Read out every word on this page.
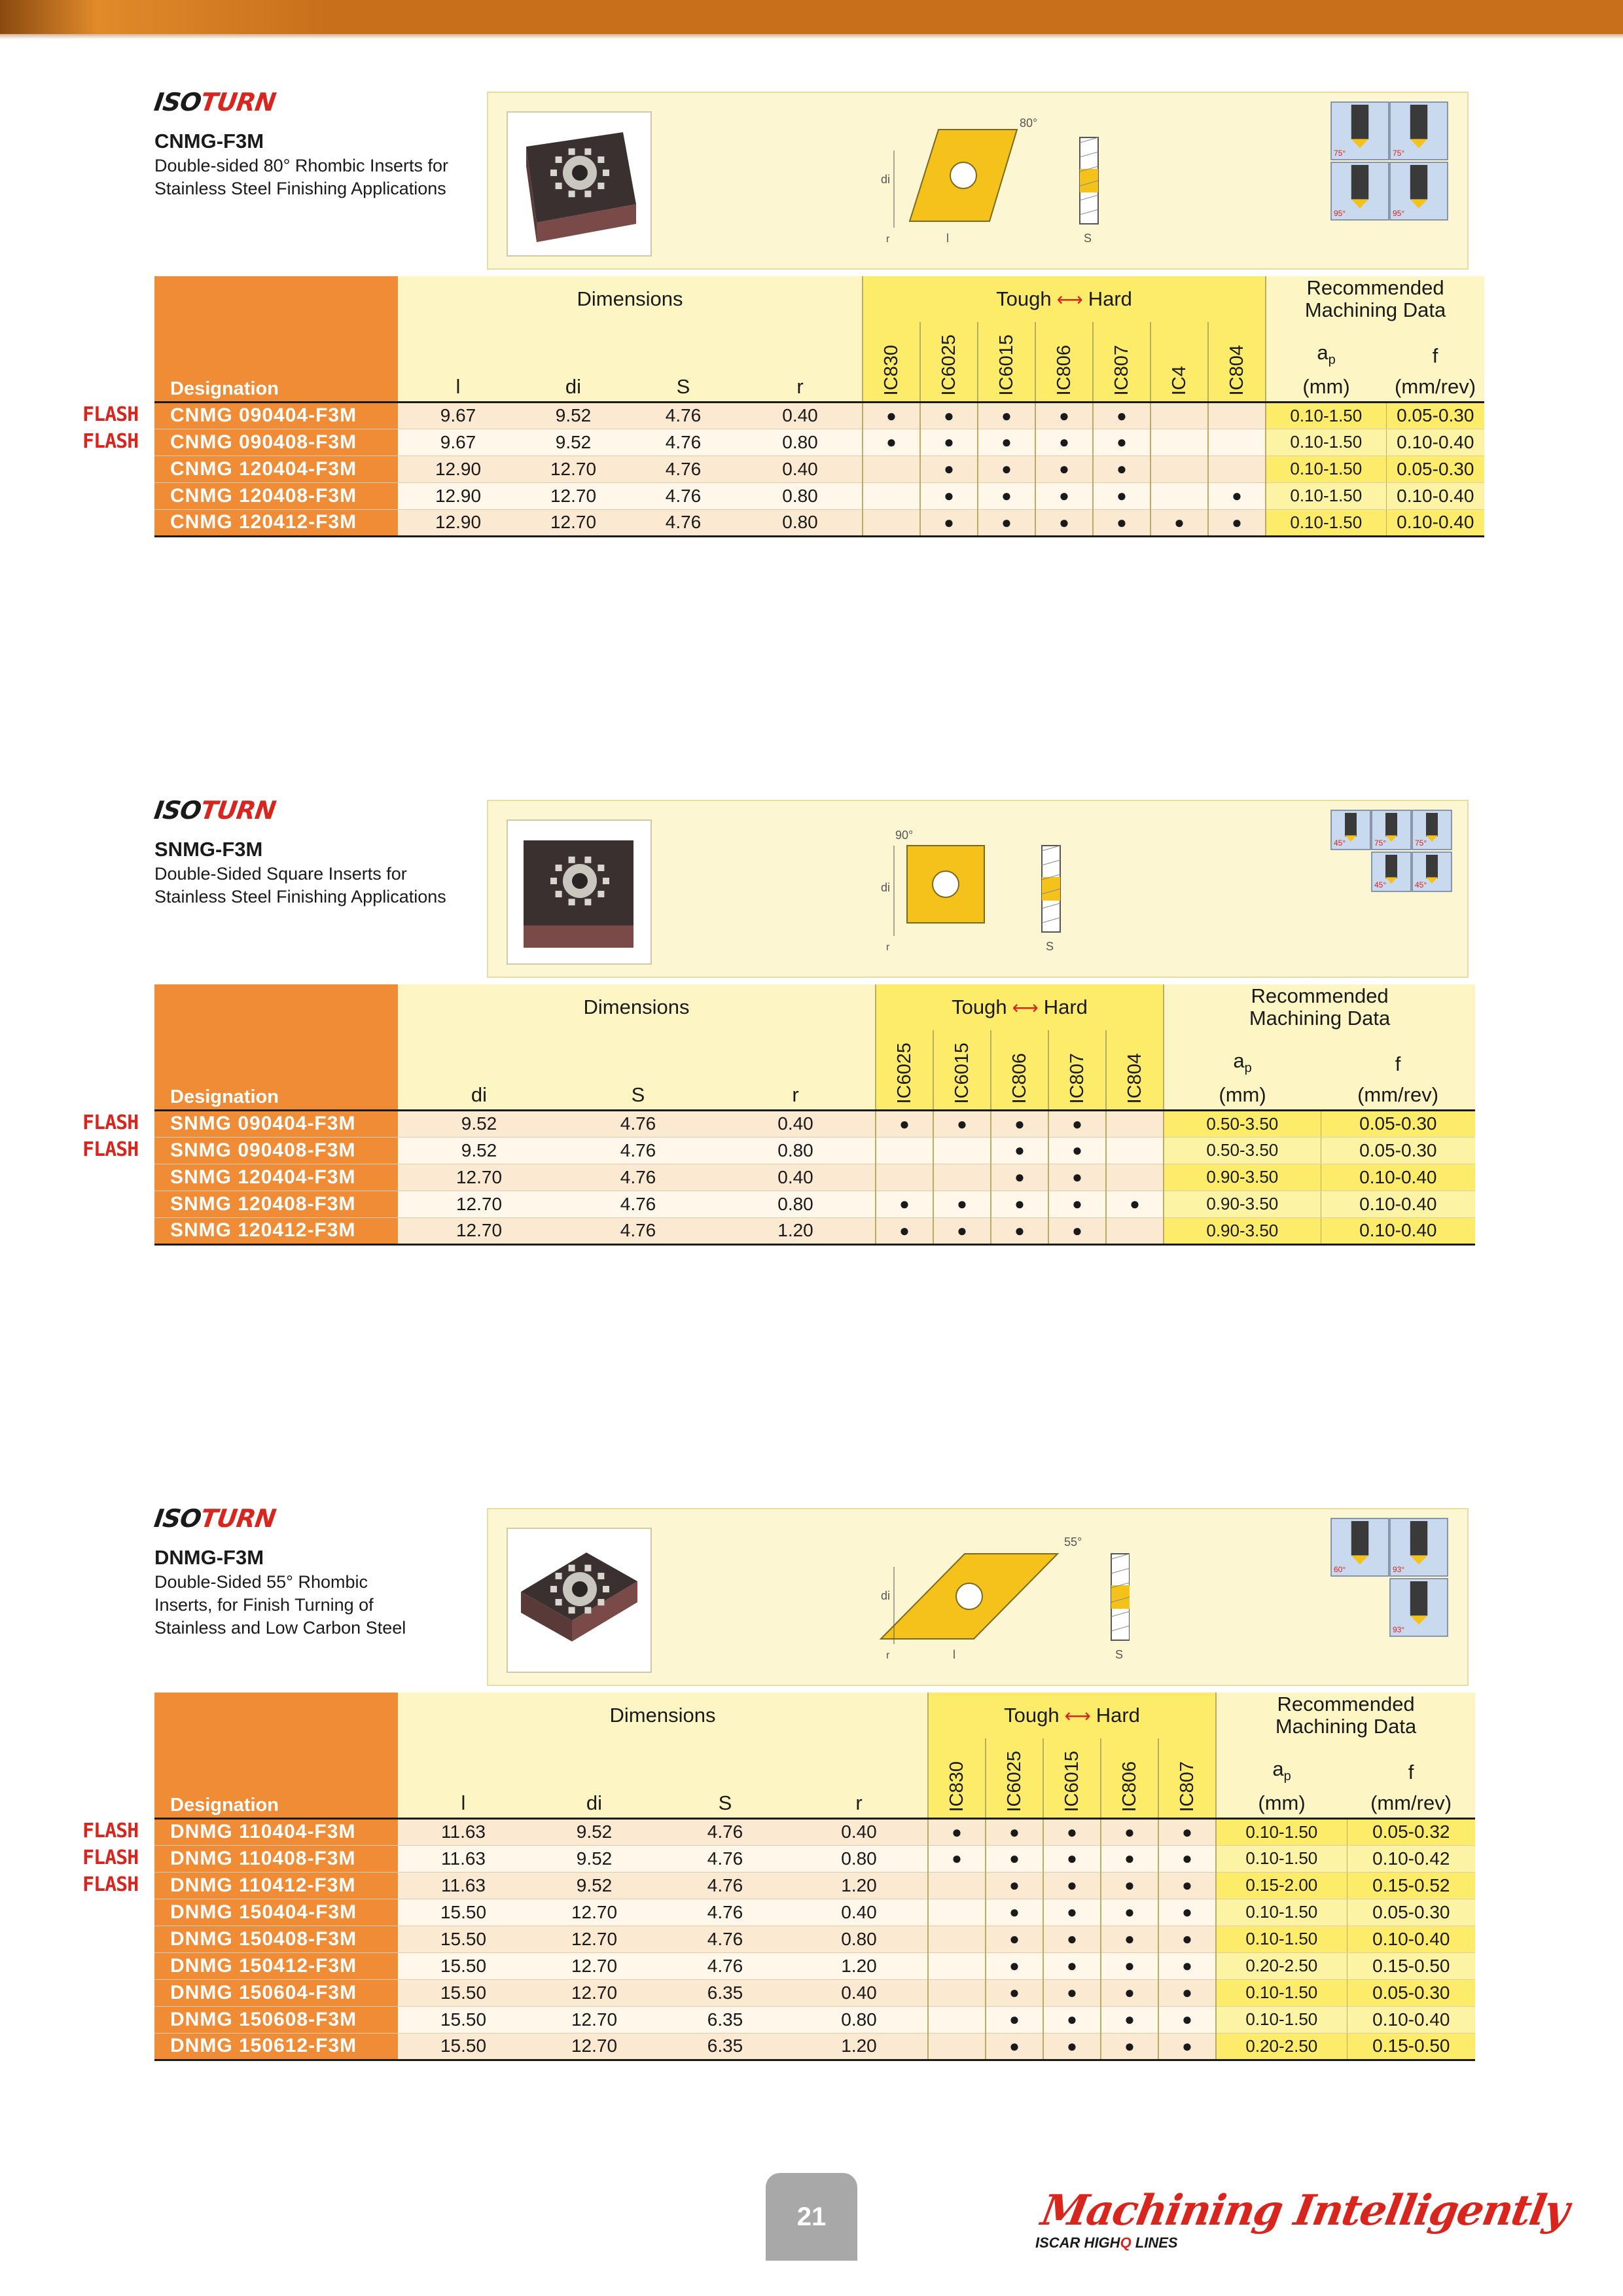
ISOTURN
CNMG-F3M
Double-sided 80° Rhombic Inserts for
Stainless Steel Finishing Applications
80°
di
r	l	S
75°	75°
95°	95°
Designation	Dimensions				Tough ⟷ Hard							Recommended
Machining Data	

					IC830	IC6025	IC6015	IC806	IC807	IC4	IC804	$a_p$	f
	l	di	S	r								(mm)	(mm/rev)
CNMG 090404-F3M	9.67	9.52	4.76	0.40	●	●	●	●	●			0.10-1.50	0.05-0.30
CNMG 090408-F3M	9.67	9.52	4.76	0.80	●	●	●	●	●			0.10-1.50	0.10-0.40
CNMG 120404-F3M	12.90	12.70	4.76	0.40		●	●	●	●			0.10-1.50	0.05-0.30
CNMG 120408-F3M	12.90	12.70	4.76	0.80		●	●	●	●		●	0.10-1.50	0.10-0.40
CNMG 120412-F3M	12.90	12.70	4.76	0.80		●	●	●	●	●	●	0.10-1.50	0.10-0.40
FLASH
FLASH
ISOTURN
SNMG-F3M
Double-Sided Square Inserts for
Stainless Steel Finishing Applications
90°
di
r	S
45°	75°	75°
45°	45°
Designation	Dimensions			Tough ⟷ Hard					Recommended
Machining Data	

				IC6025	IC6015	IC806	IC807	IC804	$a_p$	f
	di	S	r						(mm)	(mm/rev)
SNMG 090404-F3M	9.52	4.76	0.40	●	●	●	●		0.50-3.50	0.05-0.30
SNMG 090408-F3M	9.52	4.76	0.80			●	●		0.50-3.50	0.05-0.30
SNMG 120404-F3M	12.70	4.76	0.40			●	●		0.90-3.50	0.10-0.40
SNMG 120408-F3M	12.70	4.76	0.80	●	●	●	●	●	0.90-3.50	0.10-0.40
SNMG 120412-F3M	12.70	4.76	1.20	●	●	●	●		0.90-3.50	0.10-0.40
FLASH
FLASH
ISOTURN
DNMG-F3M
Double-Sided 55° Rhombic
Inserts, for Finish Turning of
Stainless and Low Carbon Steel
55°
di
r	l	S
60°	93°
93°
Designation	Dimensions				Tough ⟷ Hard					Recommended
Machining Data	

					IC830	IC6025	IC6015	IC806	IC807	$a_p$	f
	l	di	S	r						(mm)	(mm/rev)
DNMG 110404-F3M	11.63	9.52	4.76	0.40	●	●	●	●	●	0.10-1.50	0.05-0.32
DNMG 110408-F3M	11.63	9.52	4.76	0.80	●	●	●	●	●	0.10-1.50	0.10-0.42
DNMG 110412-F3M	11.63	9.52	4.76	1.20		●	●	●	●	0.15-2.00	0.15-0.52
DNMG 150404-F3M	15.50	12.70	4.76	0.40		●	●	●	●	0.10-1.50	0.05-0.30
DNMG 150408-F3M	15.50	12.70	4.76	0.80		●	●	●	●	0.10-1.50	0.10-0.40
DNMG 150412-F3M	15.50	12.70	4.76	1.20		●	●	●	●	0.20-2.50	0.15-0.50
DNMG 150604-F3M	15.50	12.70	6.35	0.40		●	●	●	●	0.10-1.50	0.05-0.30
DNMG 150608-F3M	15.50	12.70	6.35	0.80		●	●	●	●	0.10-1.50	0.10-0.40
DNMG 150612-F3M	15.50	12.70	6.35	1.20		●	●	●	●	0.20-2.50	0.15-0.50
FLASH
FLASH
FLASH
21	Machining Intelligently
ISCAR HIGHQ LINES
